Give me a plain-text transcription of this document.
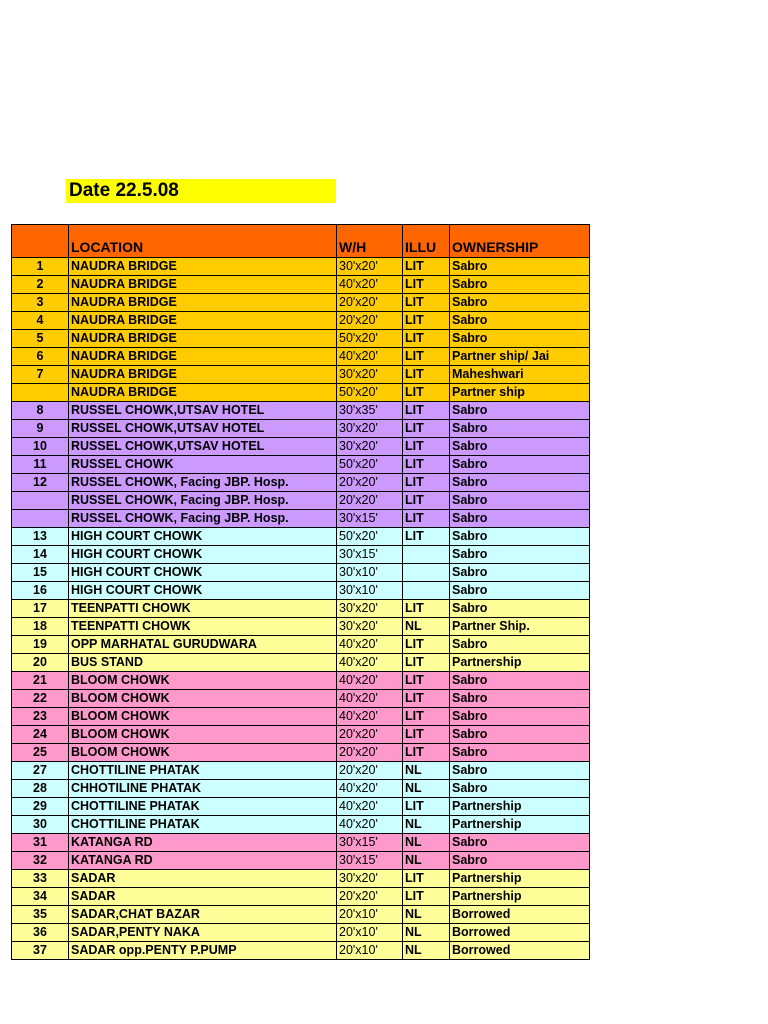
Date 22.5.08
	LOCATION	W/H	ILLU	OWNERSHIP
1	NAUDRA BRIDGE	30'x20'	LIT	Sabro
2	NAUDRA BRIDGE	40'x20'	LIT	Sabro
3	NAUDRA BRIDGE	20'x20'	LIT	Sabro
4	NAUDRA BRIDGE	20'x20'	LIT	Sabro
5	NAUDRA BRIDGE	50'x20'	LIT	Sabro
6	NAUDRA BRIDGE	40'x20'	LIT	Partner ship/ Jai
7	NAUDRA BRIDGE	30'x20'	LIT	Maheshwari
	NAUDRA BRIDGE	50'x20'	LIT	Partner ship
8	RUSSEL CHOWK,UTSAV HOTEL	30'x35'	LIT	Sabro
9	RUSSEL CHOWK,UTSAV HOTEL	30'x20'	LIT	Sabro
10	RUSSEL CHOWK,UTSAV HOTEL	30'x20'	LIT	Sabro
11	RUSSEL CHOWK	50'x20'	LIT	Sabro
12	RUSSEL CHOWK, Facing JBP. Hosp.	20'x20'	LIT	Sabro
	RUSSEL CHOWK, Facing JBP. Hosp.	20'x20'	LIT	Sabro
	RUSSEL CHOWK, Facing JBP. Hosp.	30'x15'	LIT	Sabro
13	HIGH COURT CHOWK	50'x20'	LIT	Sabro
14	HIGH COURT CHOWK	30'x15'		Sabro
15	HIGH COURT CHOWK	30'x10'		Sabro
16	HIGH COURT CHOWK	30'x10'		Sabro
17	TEENPATTI CHOWK	30'x20'	LIT	Sabro
18	TEENPATTI CHOWK	30'x20'	NL	Partner Ship.
19	OPP MARHATAL GURUDWARA	40'x20'	LIT	Sabro
20	BUS STAND	40'x20'	LIT	Partnership
21	BLOOM CHOWK	40'x20'	LIT	Sabro
22	BLOOM CHOWK	40'x20'	LIT	Sabro
23	BLOOM CHOWK	40'x20'	LIT	Sabro
24	BLOOM CHOWK	20'x20'	LIT	Sabro
25	BLOOM CHOWK	20'x20'	LIT	Sabro
27	CHOTTILINE PHATAK	20'x20'	NL	Sabro
28	CHHOTILINE PHATAK	40'x20'	NL	Sabro
29	CHOTTILINE PHATAK	40'x20'	LIT	Partnership
30	CHOTTILINE PHATAK	40'x20'	NL	Partnership
31	KATANGA RD	30'x15'	NL	Sabro
32	KATANGA RD	30'x15'	NL	Sabro
33	SADAR	30'x20'	LIT	Partnership
34	SADAR	20'x20'	LIT	Partnership
35	SADAR,CHAT BAZAR	20'x10'	NL	Borrowed
36	SADAR,PENTY NAKA	20'x10'	NL	Borrowed
37	SADAR opp.PENTY P.PUMP	20'x10'	NL	Borrowed
